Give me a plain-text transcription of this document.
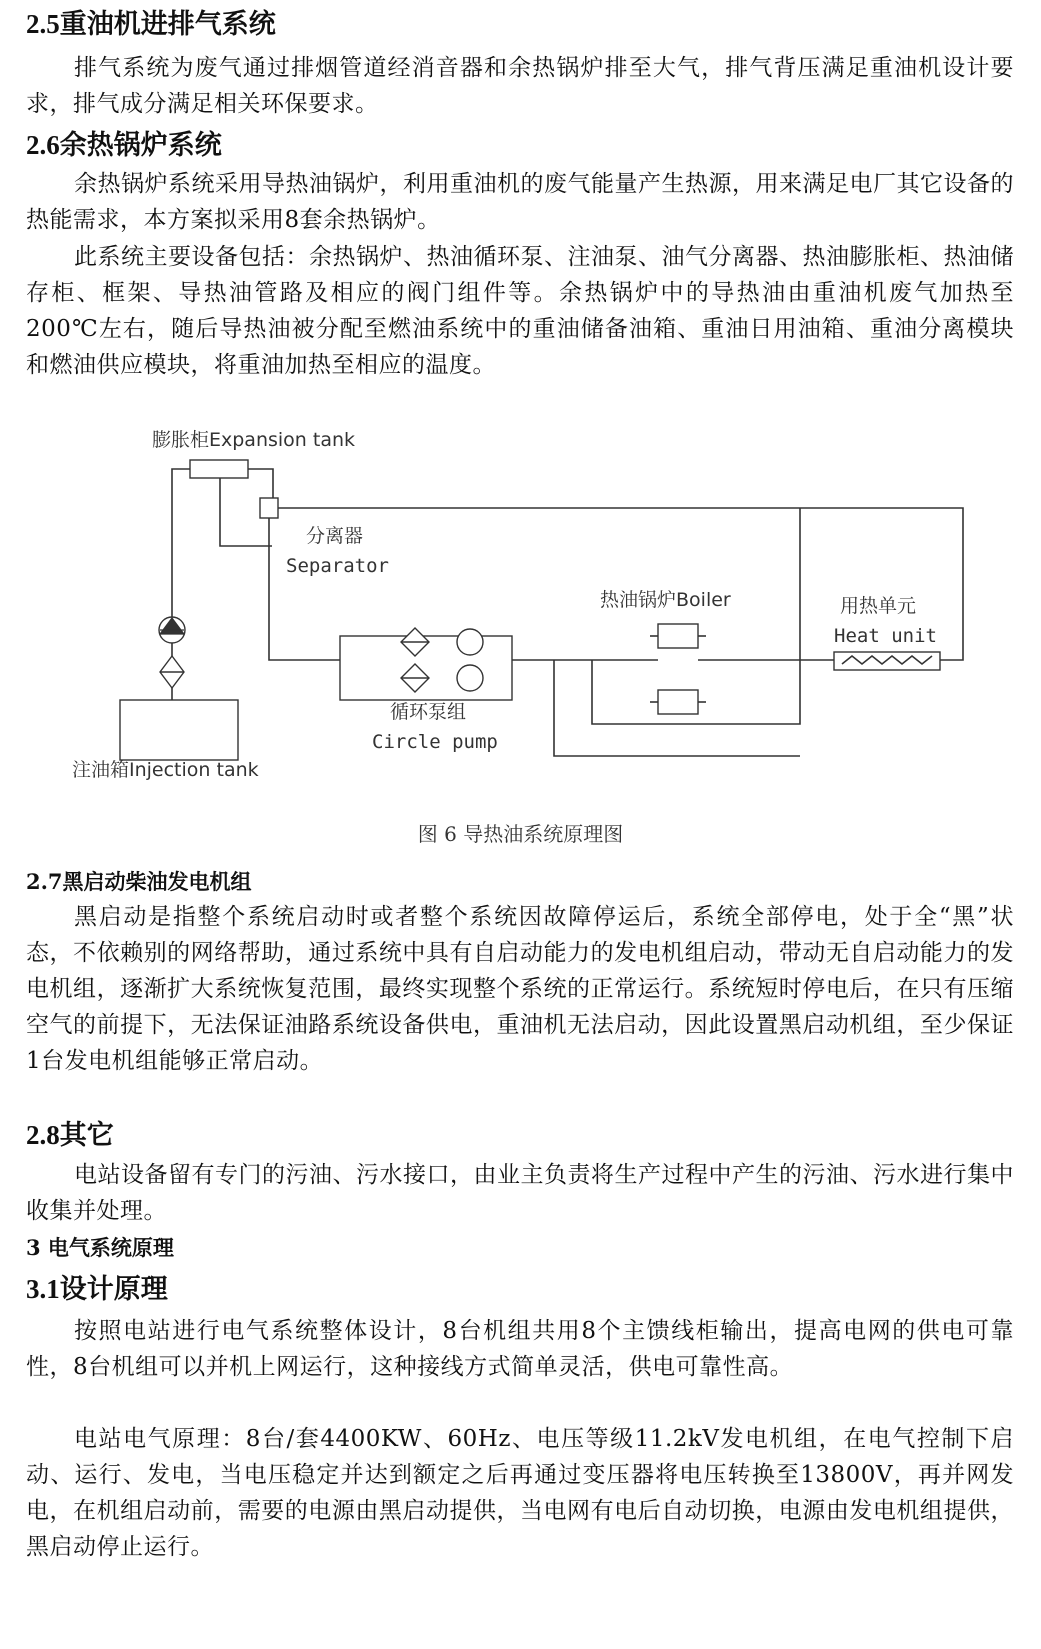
2.5重油机进排气系统

排气系统为废气通过排烟管道经消音器和余热锅炉排至大气，排气背压满足重油机设计要求，排气成分满足相关环保要求。

2.6余热锅炉系统

余热锅炉系统采用导热油锅炉，利用重油机的废气能量产生热源，用来满足电厂其它设备的热能需求，本方案拟采用8套余热锅炉。

此系统主要设备包括：余热锅炉、热油循环泵、注油泵、油气分离器、热油膨胀柜、热油储存柜、框架、导热油管路及相应的阀门组件等。余热锅炉中的导热油由重油机废气加热至200℃左右，随后导热油被分配至燃油系统中的重油储备油箱、重油日用油箱、重油分离模块和燃油供应模块，将重油加热至相应的温度。

膨胀柜Expansion tank
分离器
Separator
注油箱Injection tank
循环泵组
Circle pump
热油锅炉Boiler	用热单元
Heat unit

图 6 导热油系统原理图

2.7黑启动柴油发电机组

黑启动是指整个系统启动时或者整个系统因故障停运后，系统全部停电，处于全“黑”状态，不依赖别的网络帮助，通过系统中具有自启动能力的发电机组启动，带动无自启动能力的发电机组，逐渐扩大系统恢复范围，最终实现整个系统的正常运行。系统短时停电后，在只有压缩空气的前提下，无法保证油路系统设备供电，重油机无法启动，因此设置黑启动机组，至少保证1台发电机组能够正常启动。

2.8其它

电站设备留有专门的污油、污水接口，由业主负责将生产过程中产生的污油、污水进行集中收集并处理。

3 电气系统原理
3.1设计原理

按照电站进行电气系统整体设计，8台机组共用8个主馈线柜输出，提高电网的供电可靠性，8台机组可以并机上网运行，这种接线方式简单灵活，供电可靠性高。

电站电气原理：8台/套4400KW、60Hz、电压等级11.2kV发电机组，在电气控制下启动、运行、发电，当电压稳定并达到额定之后再通过变压器将电压转换至13800V，再并网发电，在机组启动前，需要的电源由黑启动提供，当电网有电后自动切换，电源由发电机组提供，黑启动停止运行。
